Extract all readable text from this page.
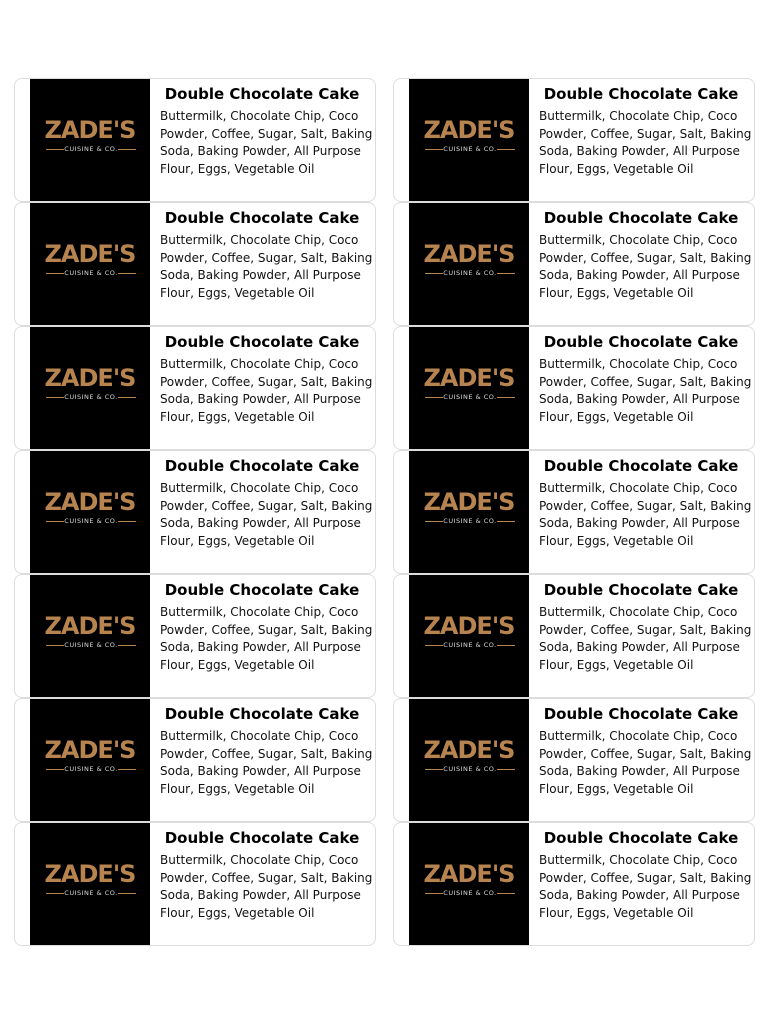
ZADE'S
CUISINE & CO.
Double Chocolate Cake
Buttermilk, Chocolate Chip, Coco Powder, Coffee, Sugar, Salt, Baking Soda, Baking Powder, All Purpose Flour, Eggs, Vegetable Oil
ZADE'S
CUISINE & CO.
Double Chocolate Cake
Buttermilk, Chocolate Chip, Coco Powder, Coffee, Sugar, Salt, Baking Soda, Baking Powder, All Purpose Flour, Eggs, Vegetable Oil
ZADE'S
CUISINE & CO.
Double Chocolate Cake
Buttermilk, Chocolate Chip, Coco Powder, Coffee, Sugar, Salt, Baking Soda, Baking Powder, All Purpose Flour, Eggs, Vegetable Oil
ZADE'S
CUISINE & CO.
Double Chocolate Cake
Buttermilk, Chocolate Chip, Coco Powder, Coffee, Sugar, Salt, Baking Soda, Baking Powder, All Purpose Flour, Eggs, Vegetable Oil
ZADE'S
CUISINE & CO.
Double Chocolate Cake
Buttermilk, Chocolate Chip, Coco Powder, Coffee, Sugar, Salt, Baking Soda, Baking Powder, All Purpose Flour, Eggs, Vegetable Oil
ZADE'S
CUISINE & CO.
Double Chocolate Cake
Buttermilk, Chocolate Chip, Coco Powder, Coffee, Sugar, Salt, Baking Soda, Baking Powder, All Purpose Flour, Eggs, Vegetable Oil
ZADE'S
CUISINE & CO.
Double Chocolate Cake
Buttermilk, Chocolate Chip, Coco Powder, Coffee, Sugar, Salt, Baking Soda, Baking Powder, All Purpose Flour, Eggs, Vegetable Oil
ZADE'S
CUISINE & CO.
Double Chocolate Cake
Buttermilk, Chocolate Chip, Coco Powder, Coffee, Sugar, Salt, Baking Soda, Baking Powder, All Purpose Flour, Eggs, Vegetable Oil
ZADE'S
CUISINE & CO.
Double Chocolate Cake
Buttermilk, Chocolate Chip, Coco Powder, Coffee, Sugar, Salt, Baking Soda, Baking Powder, All Purpose Flour, Eggs, Vegetable Oil
ZADE'S
CUISINE & CO.
Double Chocolate Cake
Buttermilk, Chocolate Chip, Coco Powder, Coffee, Sugar, Salt, Baking Soda, Baking Powder, All Purpose Flour, Eggs, Vegetable Oil
ZADE'S
CUISINE & CO.
Double Chocolate Cake
Buttermilk, Chocolate Chip, Coco Powder, Coffee, Sugar, Salt, Baking Soda, Baking Powder, All Purpose Flour, Eggs, Vegetable Oil
ZADE'S
CUISINE & CO.
Double Chocolate Cake
Buttermilk, Chocolate Chip, Coco Powder, Coffee, Sugar, Salt, Baking Soda, Baking Powder, All Purpose Flour, Eggs, Vegetable Oil
ZADE'S
CUISINE & CO.
Double Chocolate Cake
Buttermilk, Chocolate Chip, Coco Powder, Coffee, Sugar, Salt, Baking Soda, Baking Powder, All Purpose Flour, Eggs, Vegetable Oil
ZADE'S
CUISINE & CO.
Double Chocolate Cake
Buttermilk, Chocolate Chip, Coco Powder, Coffee, Sugar, Salt, Baking Soda, Baking Powder, All Purpose Flour, Eggs, Vegetable Oil
